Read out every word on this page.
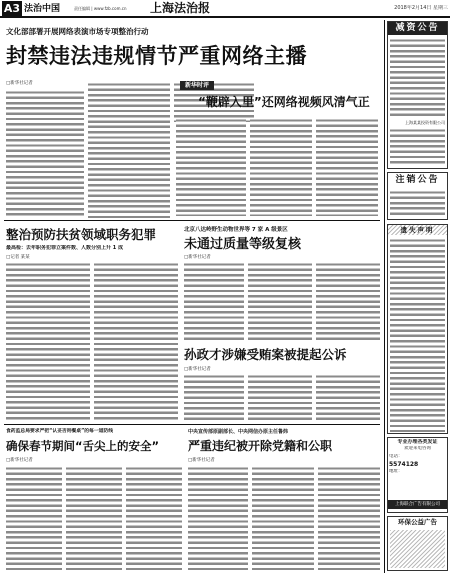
A3 法治中国	责任编辑 | www.fzb.com.cn	上海法治报	2018年2月14日 星期三
文化部部署开展网络表演市场专项整治行动
封禁违法违规情节严重网络主播
□新华社记者	新华时评
“鞭辟入里”还网络视频风清气正
整治预防扶贫领域职务犯罪
最高检：去年职务犯罪立案件数、人数分别上升 1 成
□记者 某某
北京八达岭野生动物世界等 7 家 A 级景区
未通过质量等级复核
□新华社记者
孙政才涉嫌受贿案被提起公诉
□新华社记者
食药监总局要求严把“认妥否则餐桌”的每一道防线
确保春节期间“舌尖上的安全”
□新华社记者
中央宣传部原副部长、中央网信办原主任鲁炜
严重违纪被开除党籍和公职
□新华社记者
减资公告
上海某某投资有限公司
注销公告
遗失声明
专业办理各类发证
欢迎来电咨询
电话：
5574128
地址：
上海联合广告有限公司
环保公益广告
